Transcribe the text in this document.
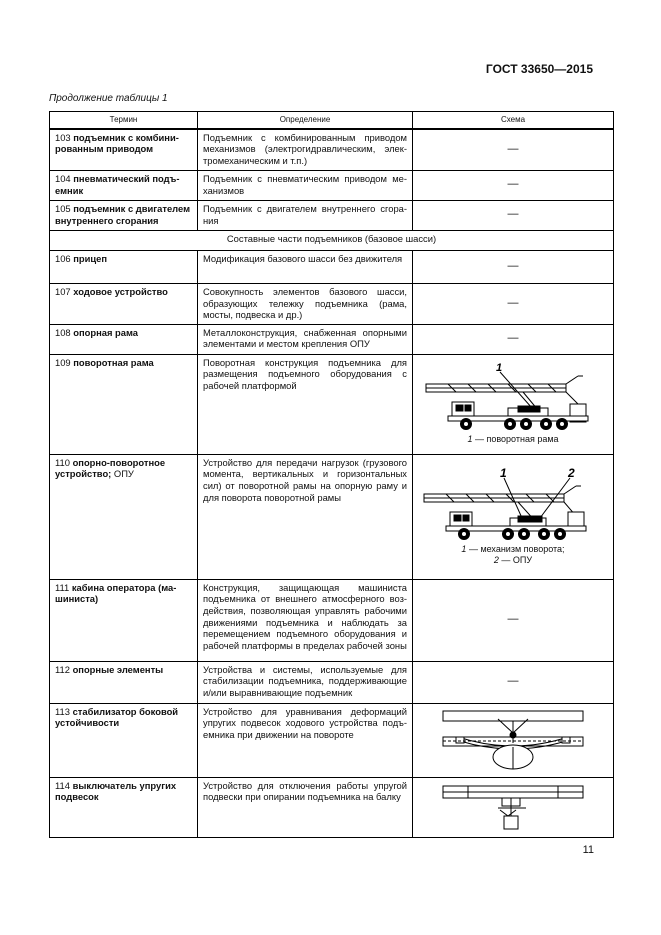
ГОСТ 33650—2015
Продолжение таблицы 1
Термин	Определение	Схема
103 подъемник с комбинированным приводом	Подъемник с комбинированным приводом механизмов (электрогидравлическим, электромеханическим и т.п.)	—

104 пневматический подъемник	Подъемник с пневматическим приводом механизмов	—

105 подъемник с двигателем внутреннего сгорания	Подъемник с двигателем внутреннего сгорания	—

Составные части подъемников (базовое шасси)		
106 прицеп	Модификация базового шасси без движителя	—

107 ходовое устройство	Совокупность элементов базового шасси, образующих тележку подъемника (рама, мосты, подвеска и др.)	—

108 опорная рама	Металлоконструкция, снабженная опорными элементами и местом крепления ОПУ	—

109 поворотная рама	Поворотная конструкция подъемника для размещения подъемного оборудования с рабочей платформой	1
1 — поворотная рама

110 опорно-поворотное устройство; ОПУ	Устройство для передачи нагрузок (грузового момента, вертикальных и горизонтальных сил) от поворотной рамы на опорную раму и для поворота поворотной рамы	1 2
1 — механизм поворота;
2 — ОПУ

111 кабина оператора (машиниста)	Конструкция, защищающая машиниста подъемника от внешнего атмосферного воздействия, позволяющая управлять рабочими движениями подъемника и наблюдать за перемещением подъемного оборудования и рабочей платформы в пределах рабочей зоны	—

112 опорные элементы	Устройства и системы, используемые для стабилизации подъемника, поддерживающие и/или выравнивающие подъемник	—

113 стабилизатор боковой устойчивости	Устройство для уравнивания деформаций упругих подвесок ходового устройства подъемника при движении на повороте	

114 выключатель упругих подвесок	Устройство для отключения работы упругой подвески при опирании подъемника на балку	
11
